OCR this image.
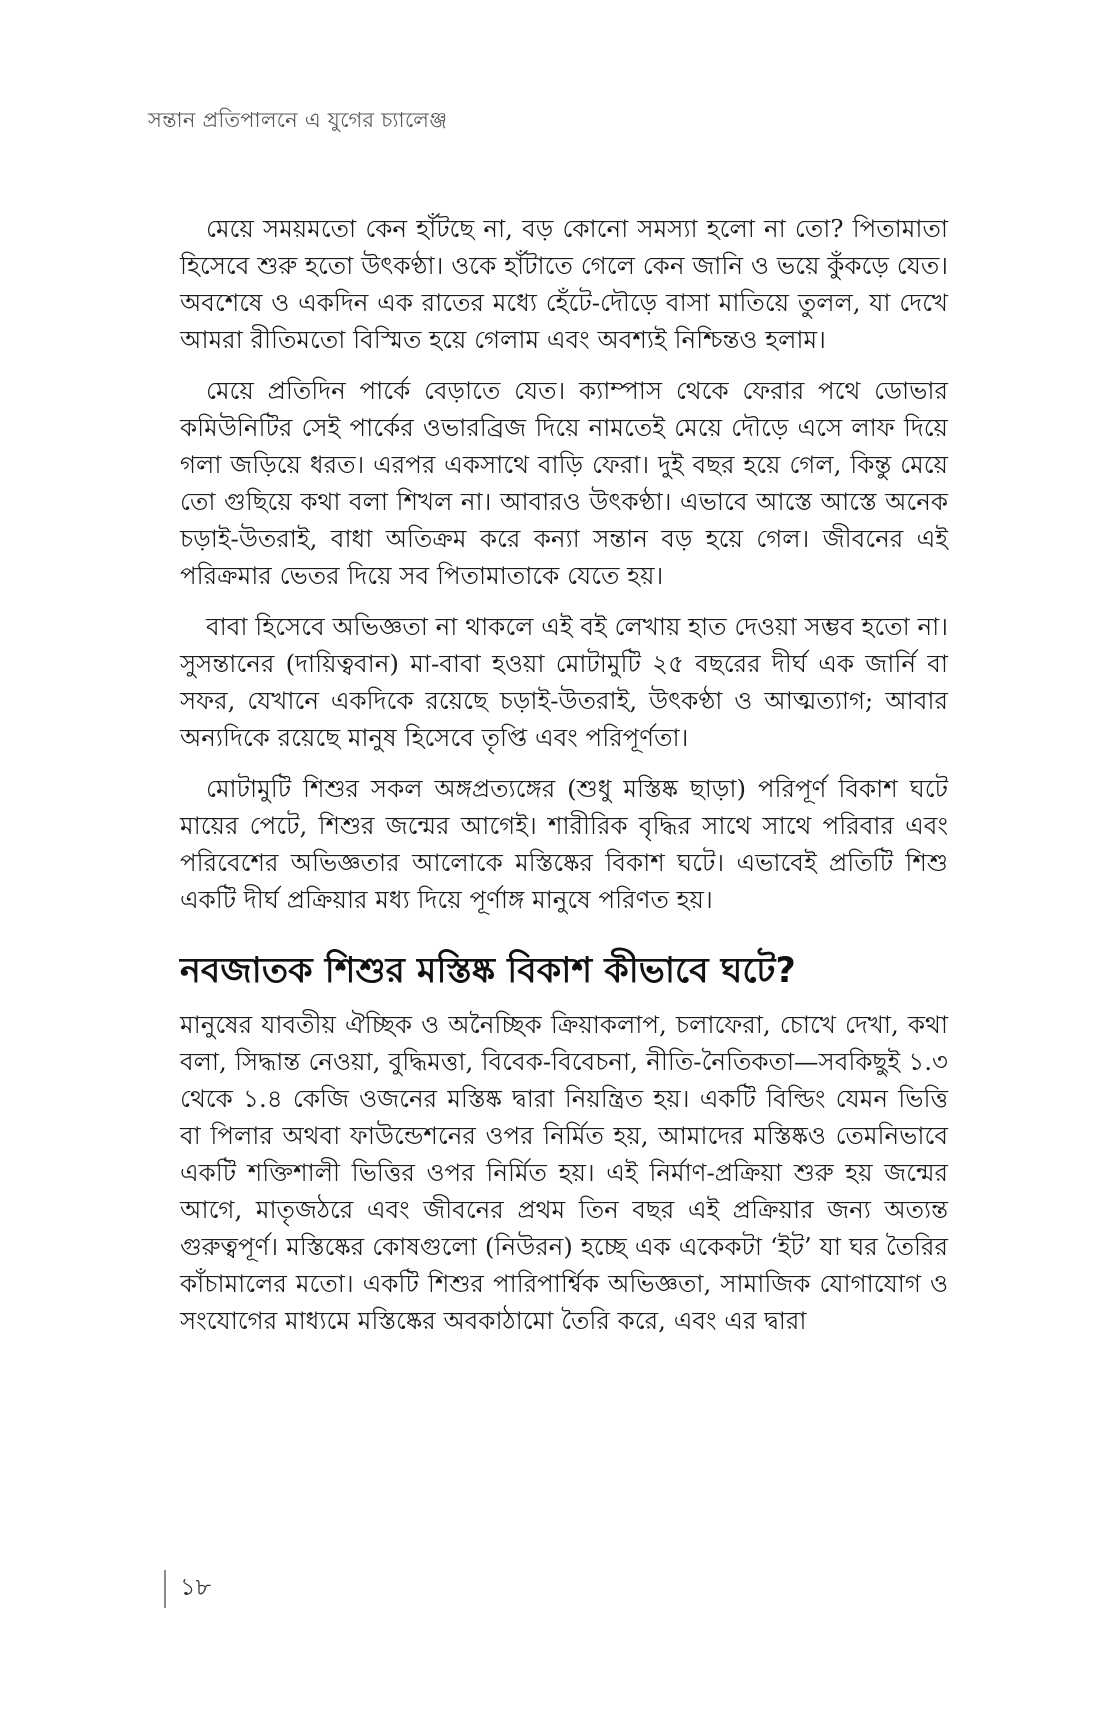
সন্তান প্রতিপালনে এ যুগের চ্যালেঞ্জ

মেয়ে সময়মতো কেন হাঁটছে না, বড় কোনো সমস্যা হলো না তো? পিতামাতা হিসেবে শুরু হতো উৎকণ্ঠা। ওকে হাঁটাতে গেলে কেন জানি ও ভয়ে কুঁকড়ে যেত। অবশেষে ও একদিন এক রাতের মধ্যে হেঁটে-দৌড়ে বাসা মাতিয়ে তুলল, যা দেখে আমরা রীতিমতো বিস্মিত হয়ে গেলাম এবং অবশ্যই নিশ্চিন্তও হলাম।

মেয়ে প্রতিদিন পার্কে বেড়াতে যেত। ক্যাম্পাস থেকে ফেরার পথে ডোভার কমিউনিটির সেই পার্কের ওভারব্রিজ দিয়ে নামতেই মেয়ে দৌড়ে এসে লাফ দিয়ে গলা জড়িয়ে ধরত। এরপর একসাথে বাড়ি ফেরা। দুই বছর হয়ে গেল, কিন্তু মেয়ে তো গুছিয়ে কথা বলা শিখল না। আবারও উৎকণ্ঠা। এভাবে আস্তে আস্তে অনেক চড়াই-উতরাই, বাধা অতিক্রম করে কন্যা সন্তান বড় হয়ে গেল। জীবনের এই পরিক্রমার ভেতর দিয়ে সব পিতামাতাকে যেতে হয়।

বাবা হিসেবে অভিজ্ঞতা না থাকলে এই বই লেখায় হাত দেওয়া সম্ভব হতো না। সুসন্তানের (দায়িত্ববান) মা-বাবা হওয়া মোটামুটি ২৫ বছরের দীর্ঘ এক জার্নি বা সফর, যেখানে একদিকে রয়েছে চড়াই-উতরাই, উৎকণ্ঠা ও আত্মত্যাগ; আবার অন্যদিকে রয়েছে মানুষ হিসেবে তৃপ্তি এবং পরিপূর্ণতা।

মোটামুটি শিশুর সকল অঙ্গপ্রত্যঙ্গের (শুধু মস্তিষ্ক ছাড়া) পরিপূর্ণ বিকাশ ঘটে মায়ের পেটে, শিশুর জন্মের আগেই। শারীরিক বৃদ্ধির সাথে সাথে পরিবার এবং পরিবেশের অভিজ্ঞতার আলোকে মস্তিষ্কের বিকাশ ঘটে। এভাবেই প্রতিটি শিশু একটি দীর্ঘ প্রক্রিয়ার মধ্য দিয়ে পূর্ণাঙ্গ মানুষে পরিণত হয়।

নবজাতক শিশুর মস্তিষ্ক বিকাশ কীভাবে ঘটে?

মানুষের যাবতীয় ঐচ্ছিক ও অনৈচ্ছিক ক্রিয়াকলাপ, চলাফেরা, চোখে দেখা, কথা বলা, সিদ্ধান্ত নেওয়া, বুদ্ধিমত্তা, বিবেক-বিবেচনা, নীতি-নৈতিকতা—সবকিছুই ১.৩ থেকে ১.৪ কেজি ওজনের মস্তিষ্ক দ্বারা নিয়ন্ত্রিত হয়। একটি বিল্ডিং যেমন ভিত্তি বা পিলার অথবা ফাউন্ডেশনের ওপর নির্মিত হয়, আমাদের মস্তিষ্কও তেমনিভাবে একটি শক্তিশালী ভিত্তির ওপর নির্মিত হয়। এই নির্মাণ-প্রক্রিয়া শুরু হয় জন্মের আগে, মাতৃজঠরে এবং জীবনের প্রথম তিন বছর এই প্রক্রিয়ার জন্য অত্যন্ত গুরুত্বপূর্ণ। মস্তিষ্কের কোষগুলো (নিউরন) হচ্ছে এক একেকটা ‘ইট’ যা ঘর তৈরির কাঁচামালের মতো। একটি শিশুর পারিপার্শ্বিক অভিজ্ঞতা, সামাজিক যোগাযোগ ও সংযোগের মাধ্যমে মস্তিষ্কের অবকাঠামো তৈরি করে, এবং এর দ্বারা

১৮
